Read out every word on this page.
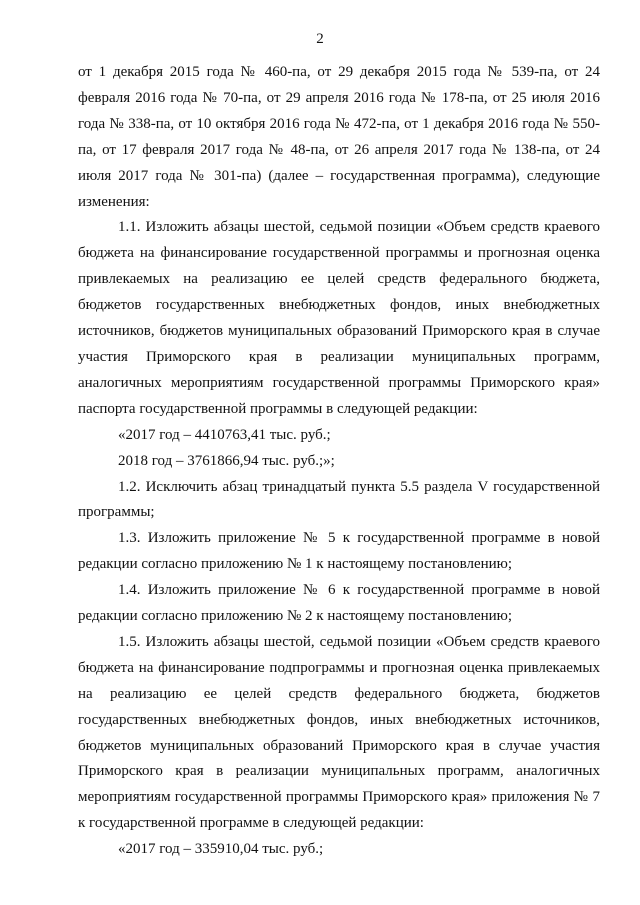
2

от 1 декабря 2015 года № 460-па, от 29 декабря 2015 года № 539-па, от 24 февраля 2016 года № 70-па, от 29 апреля 2016 года № 178-па, от 25 июля 2016 года № 338-па, от 10 октября 2016 года № 472-па, от 1 декабря 2016 года № 550-па, от 17 февраля 2017 года № 48-па, от 26 апреля 2017 года № 138-па, от 24 июля 2017 года № 301-па) (далее – государственная программа), следующие изменения:

1.1. Изложить абзацы шестой, седьмой позиции «Объем средств краевого бюджета на финансирование государственной программы и прогнозная оценка привлекаемых на реализацию ее целей средств федерального бюджета, бюджетов государственных внебюджетных фондов, иных внебюджетных источников, бюджетов муниципальных образований Приморского края в случае участия Приморского края в реализации муниципальных программ, аналогичных мероприятиям государственной программы Приморского края» паспорта государственной программы в следующей редакции:

«2017 год – 4410763,41 тыс. руб.;

2018 год – 3761866,94 тыс. руб.;»;

1.2. Исключить абзац тринадцатый пункта 5.5 раздела V государственной программы;

1.3. Изложить приложение № 5 к государственной программе в новой редакции согласно приложению № 1 к настоящему постановлению;

1.4. Изложить приложение № 6 к государственной программе в новой редакции согласно приложению № 2 к настоящему постановлению;

1.5. Изложить абзацы шестой, седьмой позиции «Объем средств краевого бюджета на финансирование подпрограммы и прогнозная оценка привлекаемых на реализацию ее целей средств федерального бюджета, бюджетов государственных внебюджетных фондов, иных внебюджетных источников, бюджетов муниципальных образований Приморского края в случае участия Приморского края в реализации муниципальных программ, аналогичных мероприятиям государственной программы Приморского края» приложения № 7 к государственной программе в следующей редакции:

«2017 год – 335910,04 тыс. руб.;
